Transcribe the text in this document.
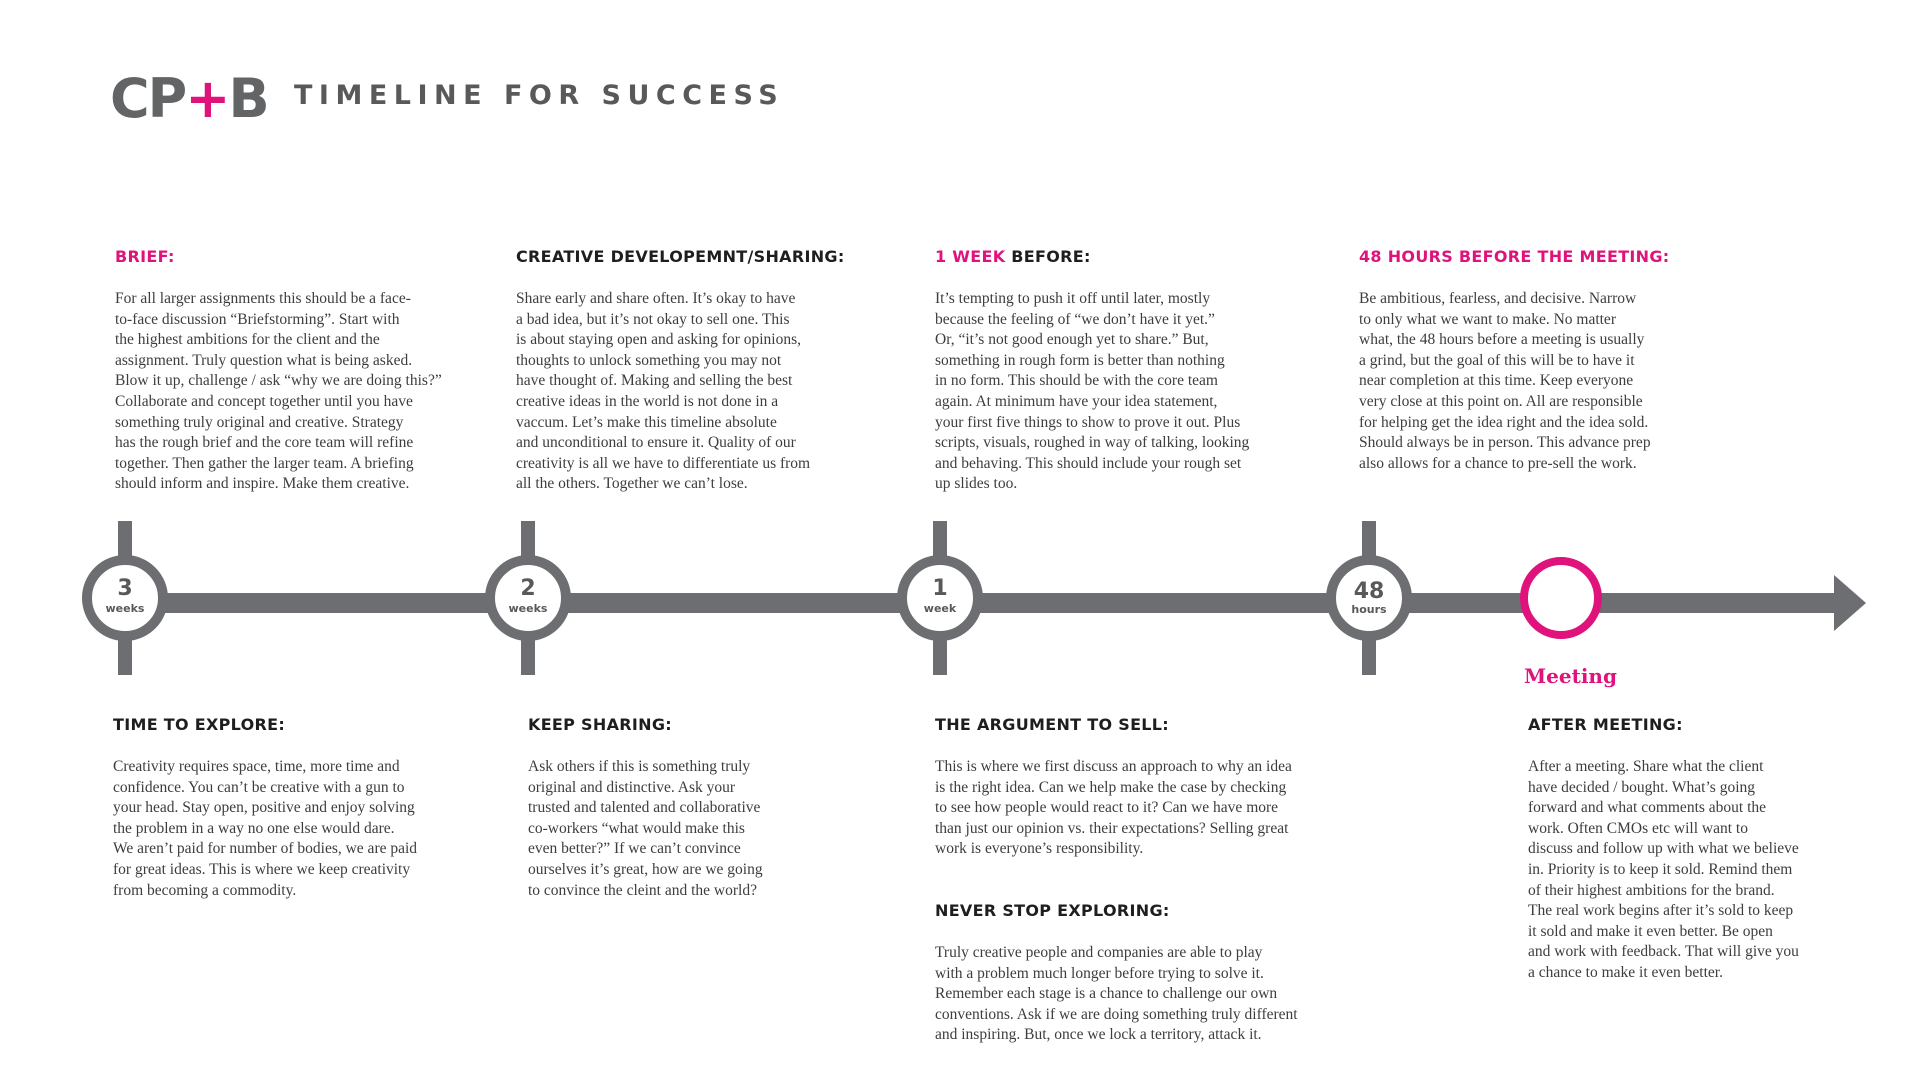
CP+B TIMELINE FOR SUCCESS
BRIEF:
For all larger assignments this should be a face-
to-face discussion “Briefstorming”. Start with
the highest ambitions for the client and the
assignment. Truly question what is being asked.
Blow it up, challenge / ask “why we are doing this?”
Collaborate and concept together until you have
something truly original and creative. Strategy
has the rough brief and the core team will refine
together. Then gather the larger team. A briefing
should inform and inspire. Make them creative.
CREATIVE DEVELOPEMNT/SHARING:
Share early and share often. It’s okay to have
a bad idea, but it’s not okay to sell one. This
is about staying open and asking for opinions,
thoughts to unlock something you may not
have thought of. Making and selling the best
creative ideas in the world is not done in a
vaccum. Let’s make this timeline absolute
and unconditional to ensure it. Quality of our
creativity is all we have to differentiate us from
all the others. Together we can’t lose.
1 WEEK BEFORE:
It’s tempting to push it off until later, mostly
because the feeling of “we don’t have it yet.”
Or, “it’s not good enough yet to share.” But,
something in rough form is better than nothing
in no form. This should be with the core team
again. At minimum have your idea statement,
your first five things to show to prove it out. Plus
scripts, visuals, roughed in way of talking, looking
and behaving. This should include your rough set
up slides too.
48 HOURS BEFORE THE MEETING:
Be ambitious, fearless, and decisive. Narrow
to only what we want to make. No matter
what, the 48 hours before a meeting is usually
a grind, but the goal of this will be to have it
near completion at this time. Keep everyone
very close at this point on. All are responsible
for helping get the idea right and the idea sold.
Should always be in person. This advance prep
also allows for a chance to pre-sell the work.
3
weeks
2
weeks
1
week
48
hours
Meeting
TIME TO EXPLORE:
Creativity requires space, time, more time and
confidence. You can’t be creative with a gun to
your head. Stay open, positive and enjoy solving
the problem in a way no one else would dare.
We aren’t paid for number of bodies, we are paid
for great ideas. This is where we keep creativity
from becoming a commodity.
KEEP SHARING:
Ask others if this is something truly
original and distinctive. Ask your
trusted and talented and collaborative
co-workers “what would make this
even better?” If we can’t convince
ourselves it’s great, how are we going
to convince the cleint and the world?
THE ARGUMENT TO SELL:
This is where we first discuss an approach to why an idea
is the right idea. Can we help make the case by checking
to see how people would react to it? Can we have more
than just our opinion vs. their expectations? Selling great
work is everyone’s responsibility.
NEVER STOP EXPLORING:
Truly creative people and companies are able to play
with a problem much longer before trying to solve it.
Remember each stage is a chance to challenge our own
conventions. Ask if we are doing something truly different
and inspiring. But, once we lock a territory, attack it.
AFTER MEETING:
After a meeting. Share what the client
have decided / bought. What’s going
forward and what comments about the
work. Often CMOs etc will want to
discuss and follow up with what we believe
in. Priority is to keep it sold. Remind them
of their highest ambitions for the brand.
The real work begins after it’s sold to keep
it sold and make it even better. Be open
and work with feedback. That will give you
a chance to make it even better.
